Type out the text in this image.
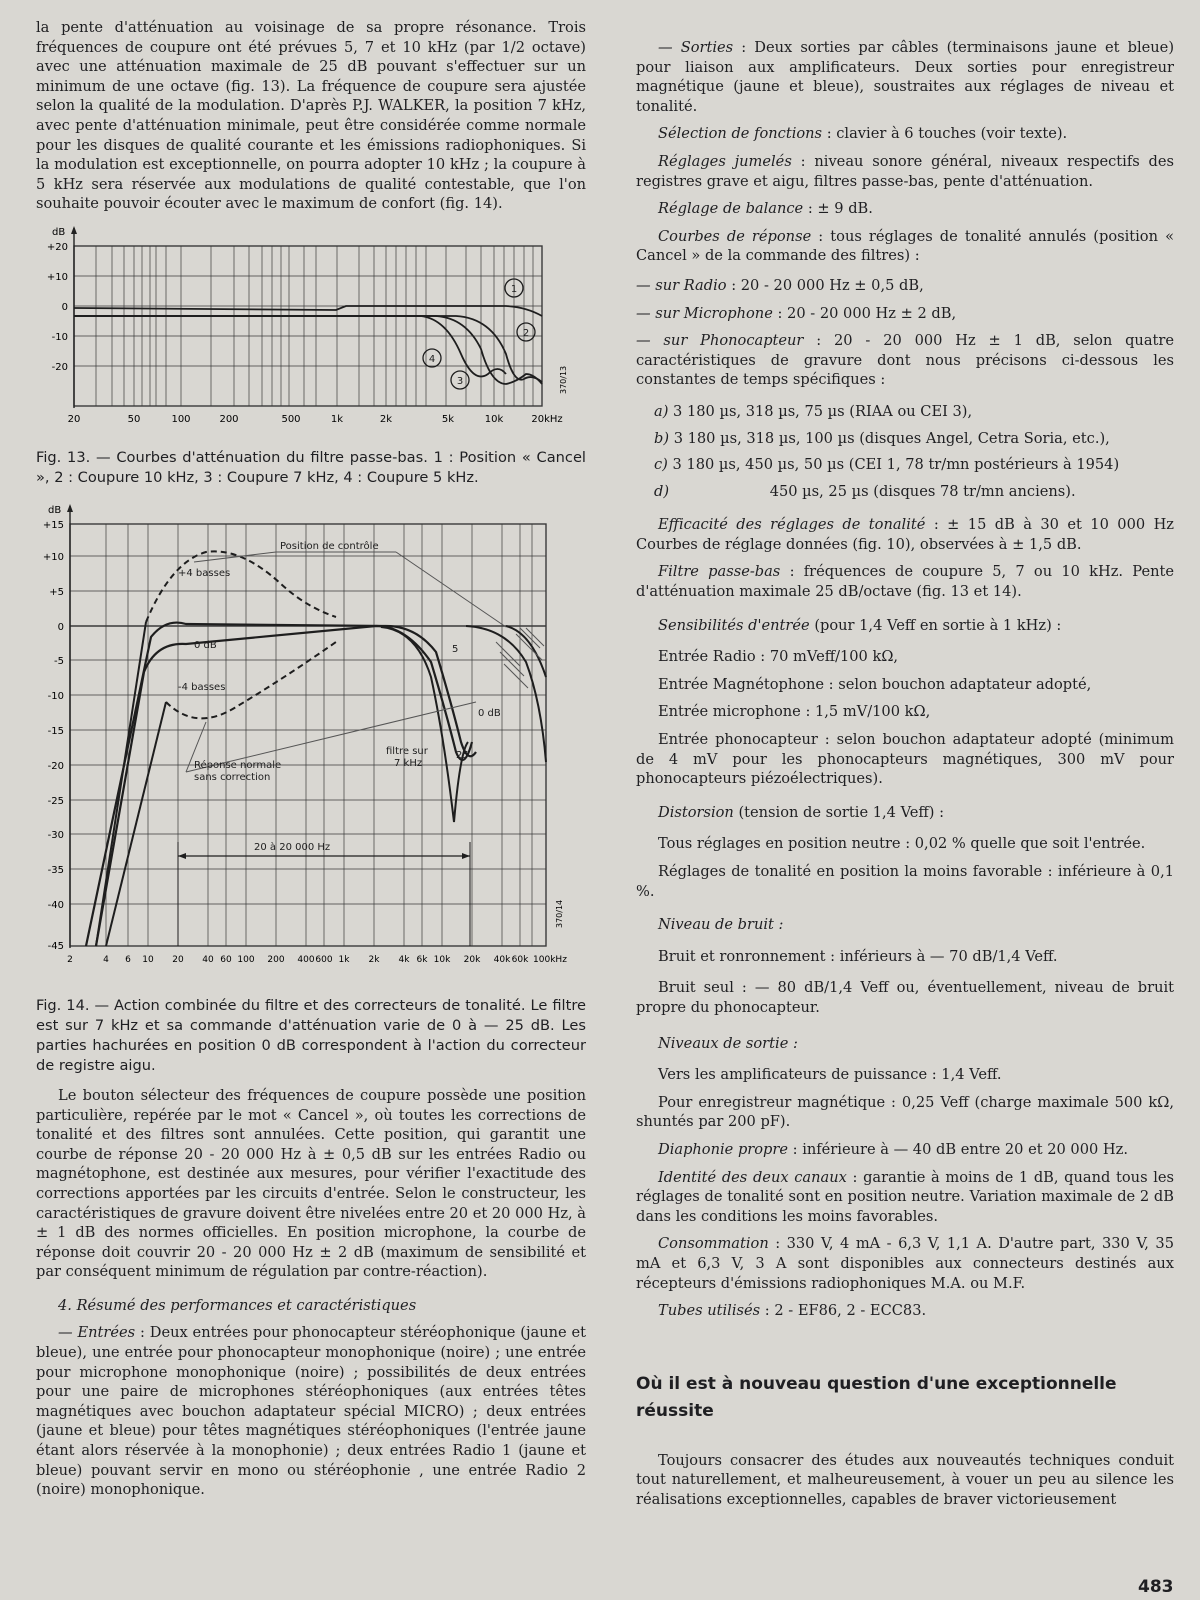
la pente d'atténuation au voisinage de sa propre résonance. Trois fréquences de coupure ont été prévues 5, 7 et 10 kHz (par 1/2 octave) avec une atténuation maximale de 25 dB pouvant s'effectuer sur un minimum de une octave (fig. 13). La fréquence de coupure sera ajustée selon la qualité de la modulation. D'après P.J. WALKER, la position 7 kHz, avec pente d'atténuation minimale, peut être considérée comme normale pour les disques de qualité courante et les émissions radiophoniques. Si la modulation est exceptionnelle, on pourra adopter 10 kHz ; la coupure à 5 kHz sera réservée aux modulations de qualité contestable, que l'on souhaite pouvoir écouter avec le maximum de confort (fig. 14).

dB
+20
+10
0
-10
-20
20	50	100	200	500	1k	2k	5k	10k	20kHz
1
2
3
4
370/13

Fig. 13. — Courbes d'atténuation du filtre passe-bas. 1 : Position « Cancel », 2 : Coupure 10 kHz, 3 : Coupure 7 kHz, 4 : Coupure 5 kHz.

dB
+15
+10
+5
0
-5
-10
-15
-20
-25
-30
-35
-40
-45
2	4 6 10 20 40 60 100 200 400 600 1k 2k 4k 6k 10k 20k 40k 60k 100kHz
Position de contrôle
+4 basses
0 dB
-4 basses
0 dB
25
5
filtre sur
7 kHz
Réponse normale
sans correction
20 à 20 000 Hz
370/14

Fig. 14. — Action combinée du filtre et des correcteurs de tonalité. Le filtre est sur 7 kHz et sa commande d'atténuation varie de 0 à — 25 dB. Les parties hachurées en position 0 dB correspondent à l'action du correcteur de registre aigu.

Le bouton sélecteur des fréquences de coupure possède une position particulière, repérée par le mot « Cancel », où toutes les corrections de tonalité et des filtres sont annulées. Cette position, qui garantit une courbe de réponse 20 - 20 000 Hz à ± 0,5 dB sur les entrées Radio ou magnétophone, est destinée aux mesures, pour vérifier l'exactitude des corrections apportées par les circuits d'entrée. Selon le constructeur, les caractéristiques de gravure doivent être nivelées entre 20 et 20 000 Hz, à ± 1 dB des normes officielles. En position microphone, la courbe de réponse doit couvrir 20 - 20 000 Hz ± 2 dB (maximum de sensibilité et par conséquent minimum de régulation par contre-réaction).

4. Résumé des performances et caractéristiques

— Entrées : Deux entrées pour phonocapteur stéréophonique (jaune et bleue), une entrée pour phonocapteur monophonique (noire) ; une entrée pour microphone monophonique (noire) ; possibilités de deux entrées pour une paire de microphones stéréophoniques (aux entrées têtes magnétiques avec bouchon adaptateur spécial MICRO) ; deux entrées (jaune et bleue) pour têtes magnétiques stéréophoniques (l'entrée jaune étant alors réservée à la monophonie) ; deux entrées Radio 1 (jaune et bleue) pouvant servir en mono ou stéréophonie , une entrée Radio 2 (noire) monophonique.

— Sorties : Deux sorties par câbles (terminaisons jaune et bleue) pour liaison aux amplificateurs. Deux sorties pour enregistreur magnétique (jaune et bleue), soustraites aux réglages de niveau et tonalité.

Sélection de fonctions : clavier à 6 touches (voir texte).

Réglages jumelés : niveau sonore général, niveaux respectifs des registres grave et aigu, filtres passe-bas, pente d'atténuation.

Réglage de balance : ± 9 dB.

Courbes de réponse : tous réglages de tonalité annulés (position « Cancel » de la commande des filtres) :

— sur Radio : 20 - 20 000 Hz ± 0,5 dB,

— sur Microphone : 20 - 20 000 Hz ± 2 dB,

— sur Phonocapteur : 20 - 20 000 Hz ± 1 dB, selon quatre caractéristiques de gravure dont nous précisons ci-dessous les constantes de temps spécifiques :

a) 3 180 µs, 318 µs, 75 µs (RIAA ou CEI 3),

b) 3 180 µs, 318 µs, 100 µs (disques Angel, Cetra Soria, etc.),

c) 3 180 µs, 450 µs, 50 µs (CEI 1, 78 tr/mn postérieurs à 1954)

d)	450 µs, 25 µs (disques 78 tr/mn anciens).

Efficacité des réglages de tonalité : ± 15 dB à 30 et 10 000 Hz Courbes de réglage données (fig. 10), observées à ± 1,5 dB.

Filtre passe-bas : fréquences de coupure 5, 7 ou 10 kHz. Pente d'atténuation maximale 25 dB/octave (fig. 13 et 14).

Sensibilités d'entrée (pour 1,4 Veff en sortie à 1 kHz) :

Entrée Radio : 70 mVeff/100 kΩ,

Entrée Magnétophone : selon bouchon adaptateur adopté,

Entrée microphone : 1,5 mV/100 kΩ,

Entrée phonocapteur : selon bouchon adaptateur adopté (minimum de 4 mV pour les phonocapteurs magnétiques, 300 mV pour phonocapteurs piézoélectriques).

Distorsion (tension de sortie 1,4 Veff) :

Tous réglages en position neutre : 0,02 % quelle que soit l'entrée.

Réglages de tonalité en position la moins favorable : inférieure à 0,1 %.

Niveau de bruit :

Bruit et ronronnement : inférieurs à — 70 dB/1,4 Veff.

Bruit seul : — 80 dB/1,4 Veff ou, éventuellement, niveau de bruit propre du phonocapteur.

Niveaux de sortie :

Vers les amplificateurs de puissance : 1,4 Veff.

Pour enregistreur magnétique : 0,25 Veff (charge maximale 500 kΩ, shuntés par 200 pF).

Diaphonie propre : inférieure à — 40 dB entre 20 et 20 000 Hz.

Identité des deux canaux : garantie à moins de 1 dB, quand tous les réglages de tonalité sont en position neutre. Variation maximale de 2 dB dans les conditions les moins favorables.

Consommation : 330 V, 4 mA - 6,3 V, 1,1 A. D'autre part, 330 V, 35 mA et 6,3 V, 3 A sont disponibles aux connecteurs destinés aux récepteurs d'émissions radiophoniques M.A. ou M.F.

Tubes utilisés : 2 - EF86, 2 - ECC83.

Où il est à nouveau question d'une exceptionnelle réussite

Toujours consacrer des études aux nouveautés techniques conduit tout naturellement, et malheureusement, à vouer un peu au silence les réalisations exceptionnelles, capables de braver victorieusement

483
